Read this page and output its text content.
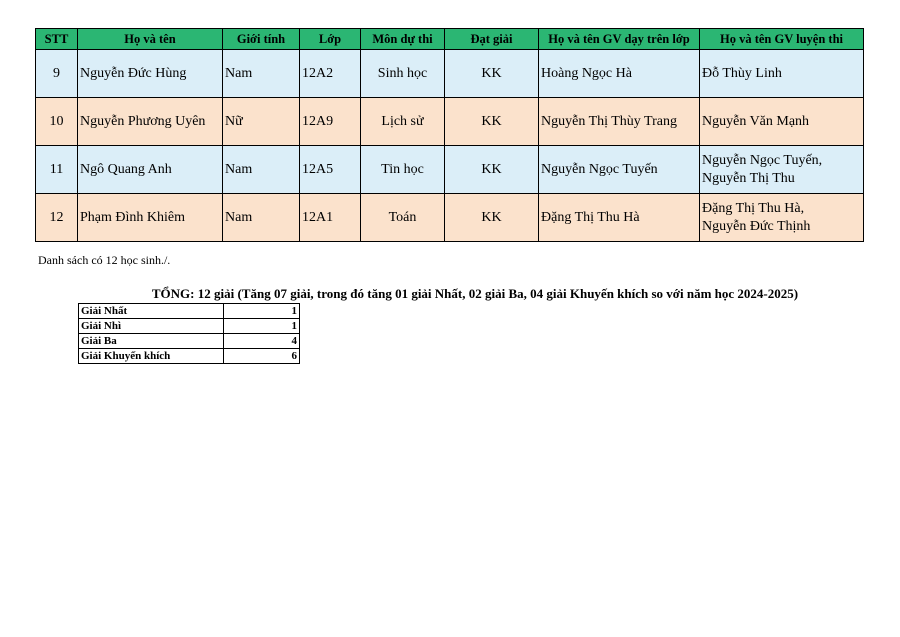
STT	Họ và tên	Giới tính	Lớp	Môn dự thi	Đạt giải	Họ và tên GV dạy trên lớp	Họ và tên GV luyện thi
9	Nguyễn Đức Hùng	Nam	12A2	Sinh học	KK	Hoàng Ngọc Hà	Đỗ Thùy Linh

10	Nguyễn Phương Uyên	Nữ	12A9	Lịch sử	KK	Nguyễn Thị Thùy Trang	Nguyễn Văn Mạnh

11	Ngô Quang Anh	Nam	12A5	Tin học	KK	Nguyễn Ngọc Tuyến	Nguyễn Ngọc Tuyến,
Nguyễn Thị Thu

12	Phạm Đình Khiêm	Nam	12A1	Toán	KK	Đặng Thị Thu Hà	Đặng Thị Thu Hà,
Nguyễn Đức Thịnh
Danh sách có 12 học sinh./.
TỔNG: 12 giải (Tăng 07 giải, trong đó tăng 01 giải Nhất, 02 giải Ba, 04 giải Khuyến khích so với năm học 2024-2025)
Giải Nhất	1
Giải Nhì	1
Giải Ba	4
Giải Khuyến khích	6
